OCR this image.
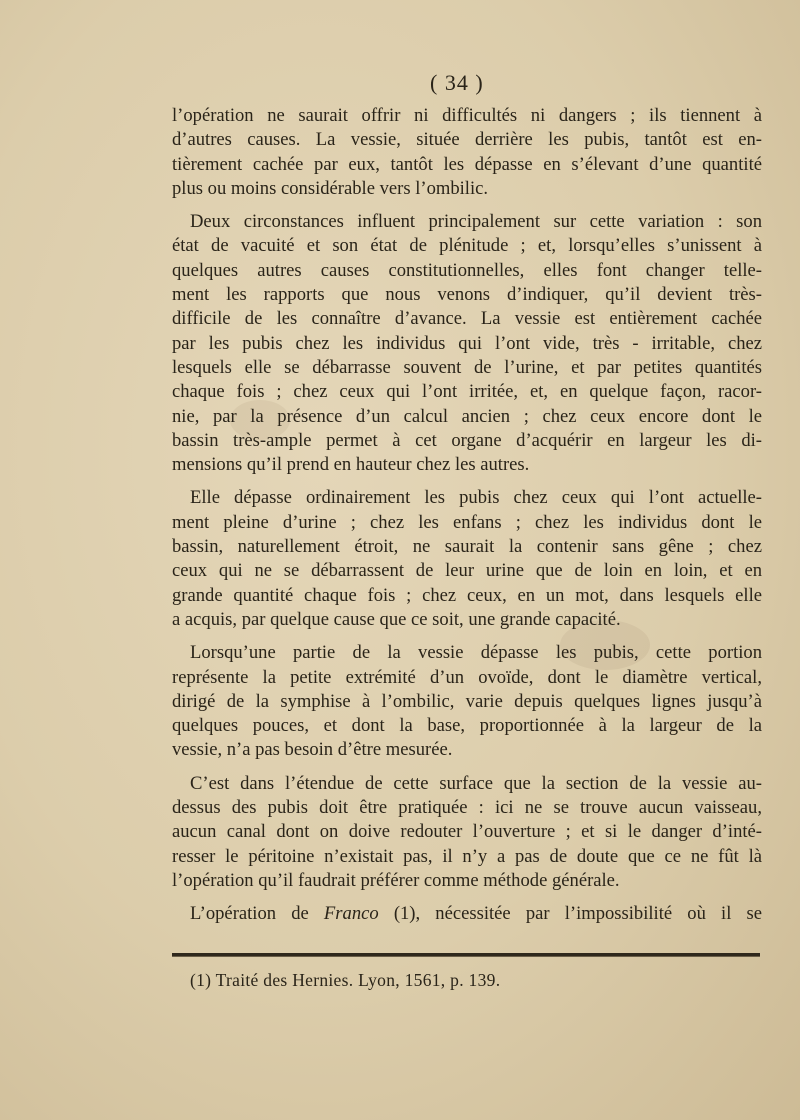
( 34 )
l’opération ne saurait offrir ni difficultés ni dangers ; ils tiennent à
d’autres causes. La vessie, située derrière les pubis, tantôt est en-
tièrement cachée par eux, tantôt les dépasse en s’élevant d’une quantité
plus ou moins considérable vers l’ombilic.
Deux circonstances influent principalement sur cette variation : son
état de vacuité et son état de plénitude ; et, lorsqu’elles s’unissent à
quelques autres causes constitutionnelles, elles font changer telle-
ment les rapports que nous venons d’indiquer, qu’il devient très-
difficile de les connaître d’avance. La vessie est entièrement cachée
par les pubis chez les individus qui l’ont vide, très - irritable, chez
lesquels elle se débarrasse souvent de l’urine, et par petites quantités
chaque fois ; chez ceux qui l’ont irritée, et, en quelque façon, racor-
nie, par la présence d’un calcul ancien ; chez ceux encore dont le
bassin très-ample permet à cet organe d’acquérir en largeur les di-
mensions qu’il prend en hauteur chez les autres.
Elle dépasse ordinairement les pubis chez ceux qui l’ont actuelle-
ment pleine d’urine ; chez les enfans ; chez les individus dont le
bassin, naturellement étroit, ne saurait la contenir sans gêne ; chez
ceux qui ne se débarrassent de leur urine que de loin en loin, et en
grande quantité chaque fois ; chez ceux, en un mot, dans lesquels elle
a acquis, par quelque cause que ce soit, une grande capacité.
Lorsqu’une partie de la vessie dépasse les pubis, cette portion
représente la petite extrémité d’un ovoïde, dont le diamètre vertical,
dirigé de la symphise à l’ombilic, varie depuis quelques lignes jusqu’à
quelques pouces, et dont la base, proportionnée à la largeur de la
vessie, n’a pas besoin d’être mesurée.
C’est dans l’étendue de cette surface que la section de la vessie au-
dessus des pubis doit être pratiquée : ici ne se trouve aucun vaisseau,
aucun canal dont on doive redouter l’ouverture ; et si le danger d’inté-
resser le péritoine n’existait pas, il n’y a pas de doute que ce ne fût là
l’opération qu’il faudrait préférer comme méthode générale.
L’opération de Franco (1), nécessitée par l’impossibilité où il se
(1) Traité des Hernies. Lyon, 1561, p. 139.
